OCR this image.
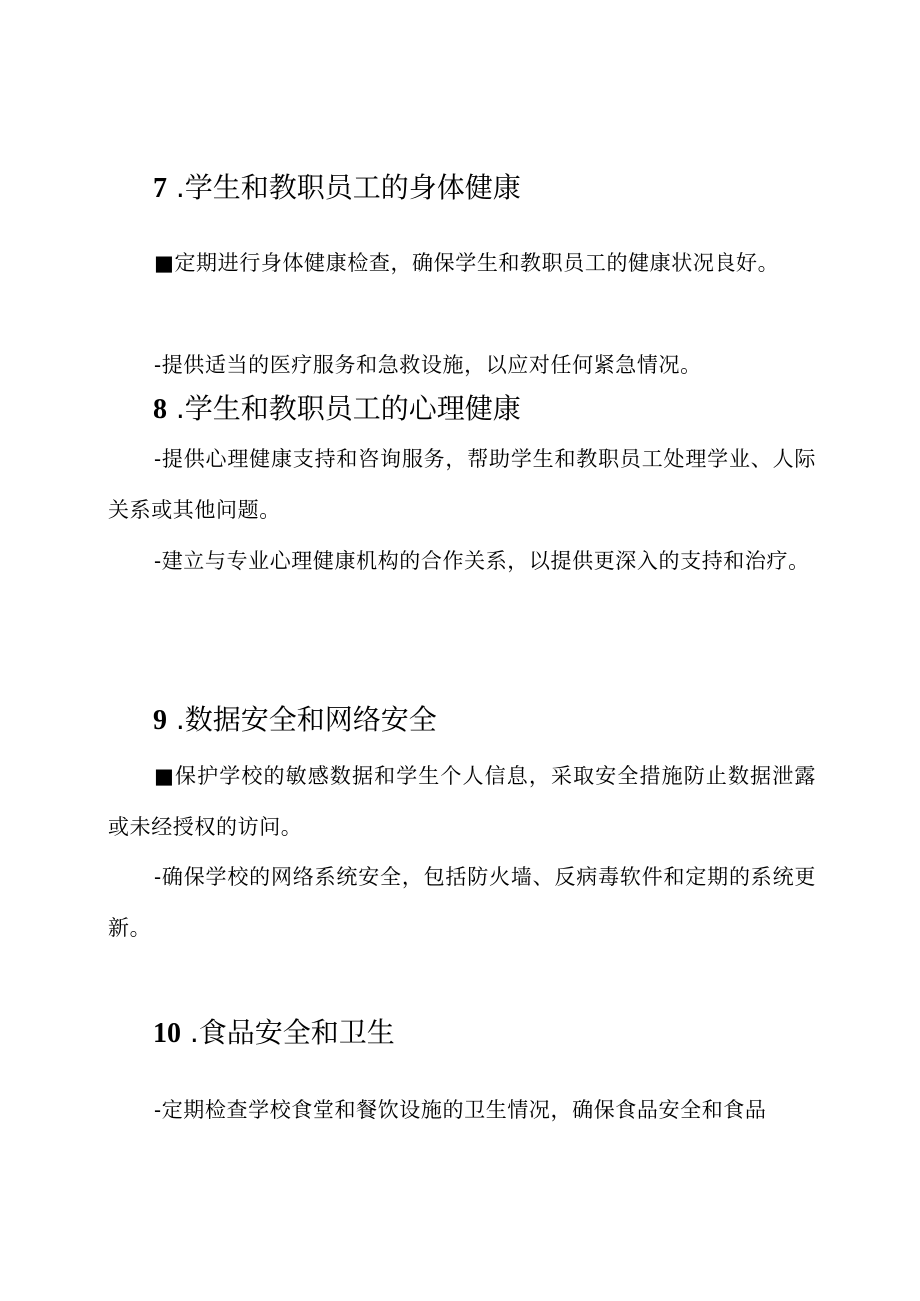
7 .学生和教职员工的身体健康

■定期进行身体健康检查，确保学生和教职员工的健康状况良好。

-提供适当的医疗服务和急救设施，以应对任何紧急情况。

8 .学生和教职员工的心理健康

-提供心理健康支持和咨询服务，帮助学生和教职员工处理学业、人际关系或其他问题。

-建立与专业心理健康机构的合作关系，以提供更深入的支持和治疗。

9 .数据安全和网络安全

■保护学校的敏感数据和学生个人信息，采取安全措施防止数据泄露或未经授权的访问。

-确保学校的网络系统安全，包括防火墙、反病毒软件和定期的系统更新。

10 .食品安全和卫生

-定期检查学校食堂和餐饮设施的卫生情况，确保食品安全和食品
